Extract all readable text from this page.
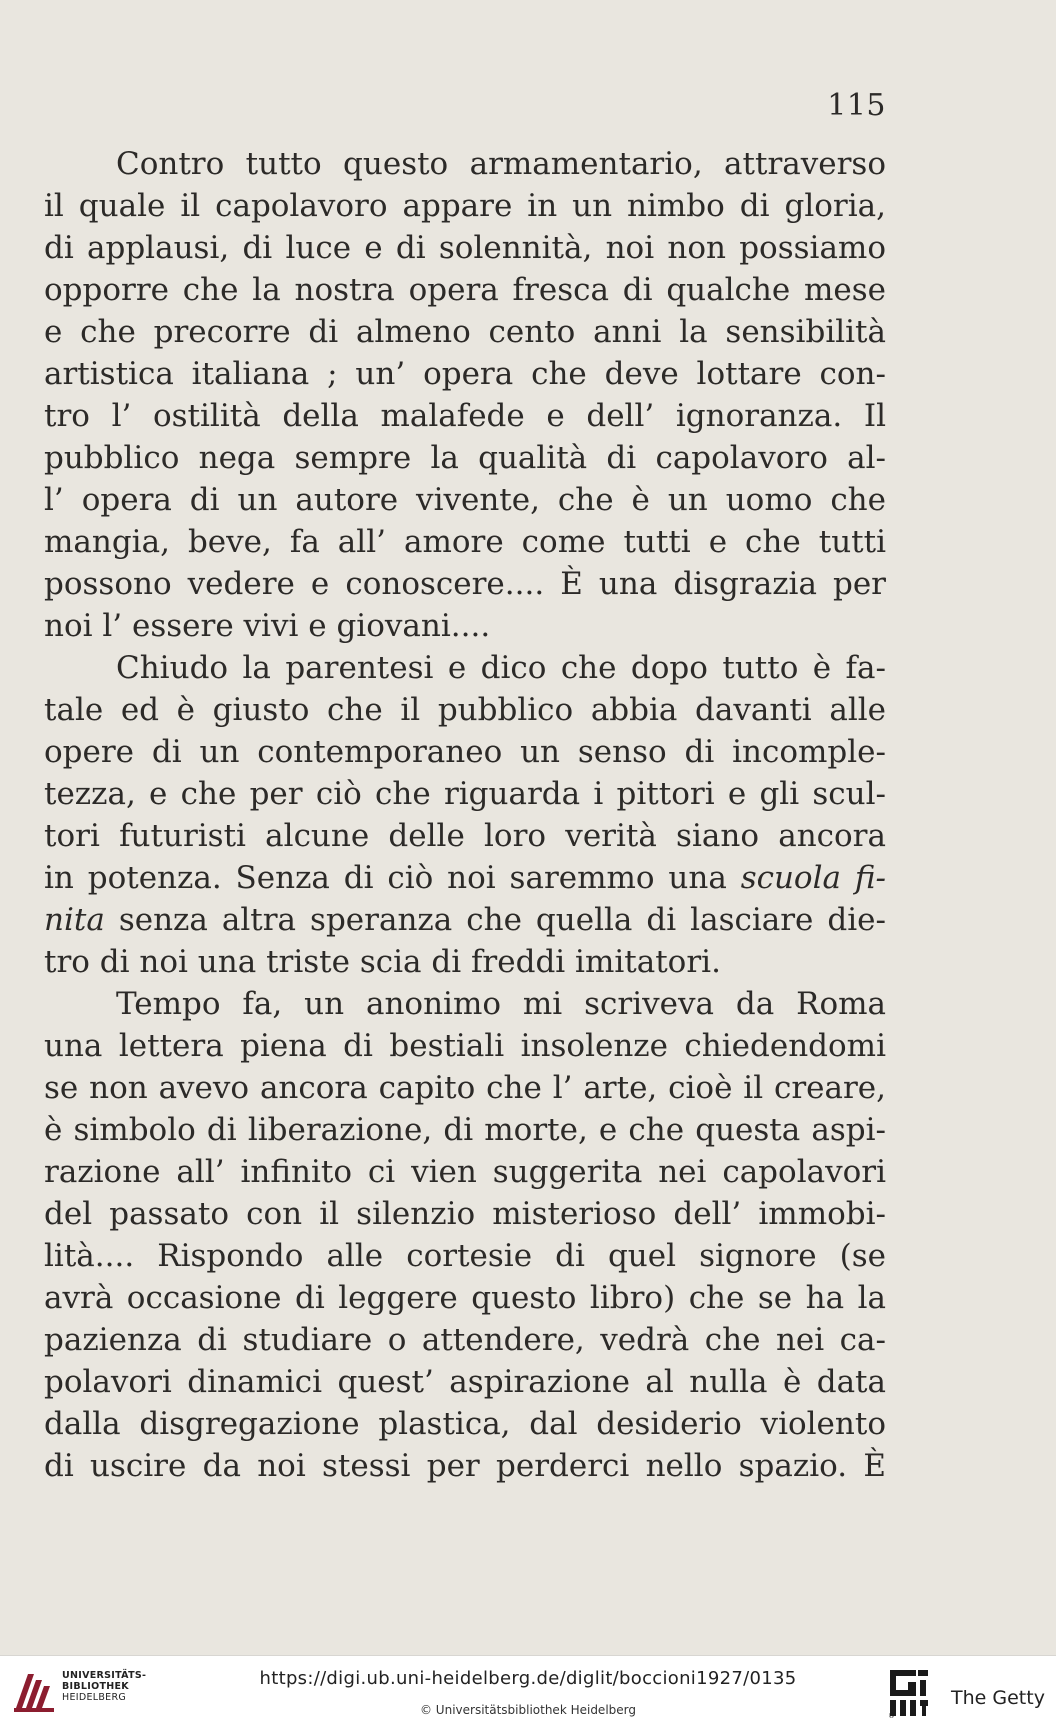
115
Contro tutto questo armamentario, attraverso
il quale il capolavoro appare in un nimbo di gloria,
di applausi, di luce e di solennità, noi non possiamo
opporre che la nostra opera fresca di qualche mese
e che precorre di almeno cento anni la sensibilità
artistica italiana ; un’ opera che deve lottare con-
tro l’ ostilità della malafede e dell’ ignoranza. Il
pubblico nega sempre la qualità di capolavoro al-
l’ opera di un autore vivente, che è un uomo che
mangia, beve, fa all’ amore come tutti e che tutti
possono vedere e conoscere.... È una disgrazia per
noi l’ essere vivi e giovani....
Chiudo la parentesi e dico che dopo tutto è fa-
tale ed è giusto che il pubblico abbia davanti alle
opere di un contemporaneo un senso di incomple-
tezza, e che per ciò che riguarda i pittori e gli scul-
tori futuristi alcune delle loro verità siano ancora
in potenza. Senza di ciò noi saremmo una scuola fi-
nita senza altra speranza che quella di lasciare die-
tro di noi una triste scia di freddi imitatori.
Tempo fa, un anonimo mi scriveva da Roma
una lettera piena di bestiali insolenze chiedendomi
se non avevo ancora capito che l’ arte, cioè il creare,
è simbolo di liberazione, di morte, e che questa aspi-
razione all’ infinito ci vien suggerita nei capolavori
del passato con il silenzio misterioso dell’ immobi-
lità.... Rispondo alle cortesie di quel signore (se
avrà occasione di leggere questo libro) che se ha la
pazienza di studiare o attendere, vedrà che nei ca-
polavori dinamici quest’ aspirazione al nulla è data
dalla disgregazione plastica, dal desiderio violento
di uscire da noi stessi per perderci nello spazio. È
UNIVERSITÄTS-
BIBLIOTHEK
HEIDELBERG
https://digi.ub.uni-heidelberg.de/diglit/boccioni1927/0135
© Universitätsbibliothek Heidelberg	®
The Getty
